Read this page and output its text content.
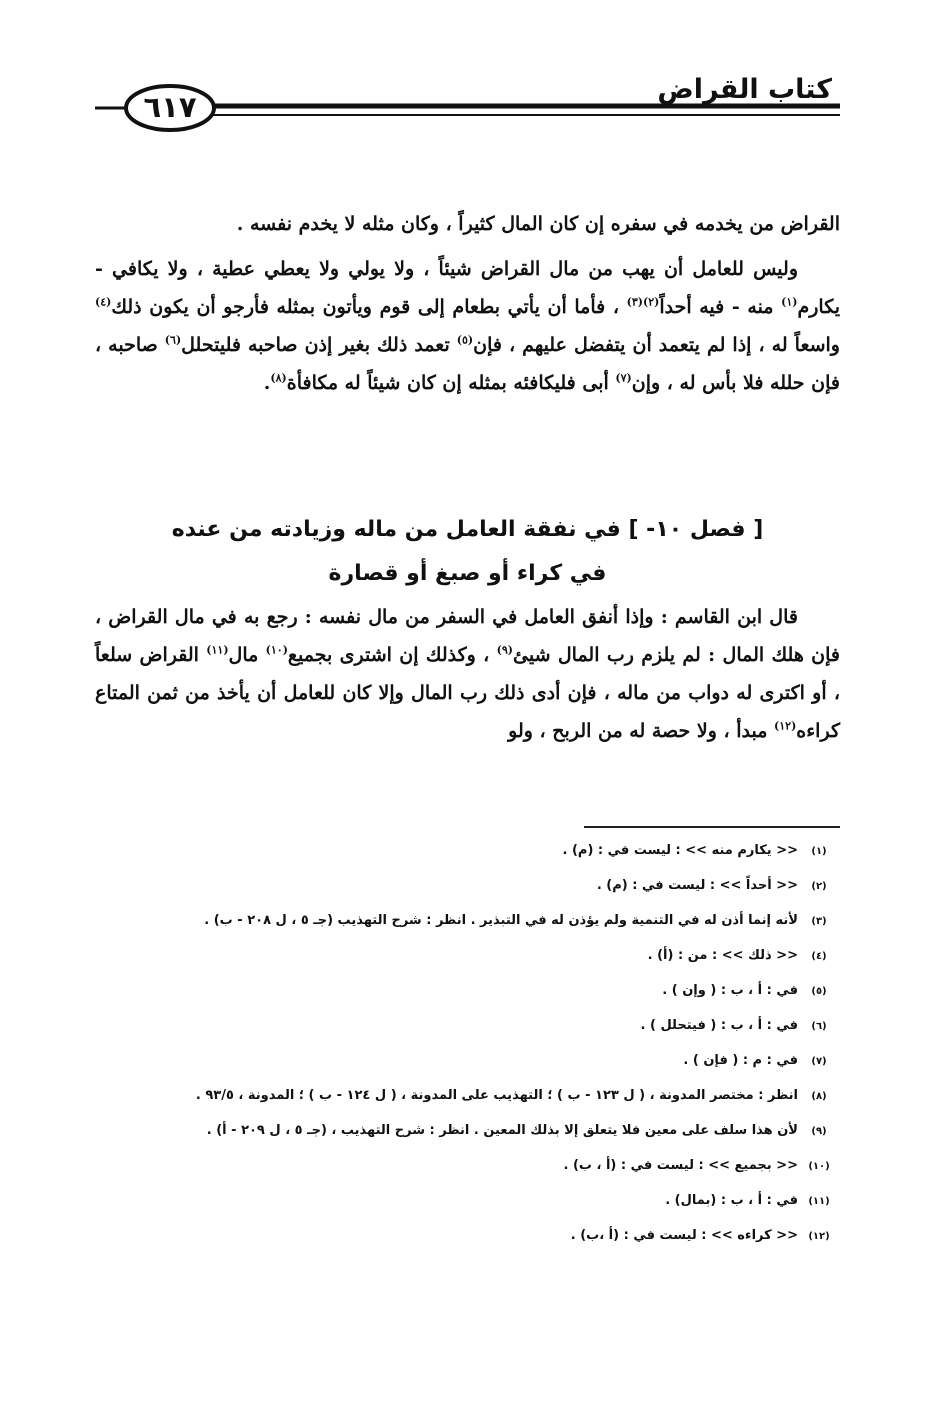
كتاب القراض
٦١٧

القراض من يخدمه في سفره إن كان المال كثيراً ، وكان مثله لا يخدم نفسه .

وليس للعامل أن يهب من مال القراض شيئاً ، ولا يولي ولا يعطي عطية ، ولا يكافي - يكارم$^{(١)}$ منه - فيه أحداً$^{(٢)(٣)}$ ، فأما أن يأتي بطعام إلى قوم ويأتون بمثله فأرجو أن يكون ذلك$^{(٤)}$ واسعاً له ، إذا لم يتعمد أن يتفضل عليهم ، فإن$^{(٥)}$ تعمد ذلك بغير إذن صاحبه فليتحلل$^{(٦)}$ صاحبه ، فإن حلله فلا بأس له ، وإن$^{(٧)}$ أبى فليكافئه بمثله إن كان شيئاً له مكافأة$^{(٨)}$.

[ فصل ١٠- ] في نفقة العامل من ماله وزيادته من عنده
في كراء أو صبغ أو قصارة

قال ابن القاسم : وإذا أنفق العامل في السفر من مال نفسه : رجع به في مال القراض ، فإن هلك المال : لم يلزم رب المال شيئ$^{(٩)}$ ، وكذلك إن اشترى بجميع$^{(١٠)}$ مال$^{(١١)}$ القراض سلعاً ، أو اكترى له دواب من ماله ، فإن أدى ذلك رب المال وإلا كان للعامل أن يأخذ من ثمن المتاع كراءه$^{(١٢)}$ مبدأ ، ولا حصة له من الربح ، ولو

(١)
<< يكارم منه >> : ليست في : (م) .
(٢)
<< أحداً >> : ليست في : (م) .
(٣)
لأنه إنما أذن له في التنمية ولم يؤذن له في التبذير . انظر : شرح التهذيب (جـ ٥ ، ل ٢٠٨ - ب) .
(٤)
<< ذلك >> : من : (أ) .
(٥)
في : أ ، ب : ( وإن ) .
(٦)
في : أ ، ب : ( فيتحلل ) .
(٧)
في : م : ( فإن ) .
(٨)
انظر : مختصر المدونة ، ( ل ١٢٣ - ب ) ؛ التهذيب على المدونة ، ( ل ١٢٤ - ب ) ؛ المدونة ، ٩٣/٥ .
(٩)
لأن هذا سلف على معين فلا يتعلق إلا بذلك المعين . انظر : شرح التهذيب ، (جـ ٥ ، ل ٢٠٩ - أ) .
(١٠)
<< بجميع >> : ليست في : (أ ، ب) .
(١١)
في : أ ، ب : (بمال) .
(١٢)
<< كراءه >> : ليست في : (أ ،ب) .
